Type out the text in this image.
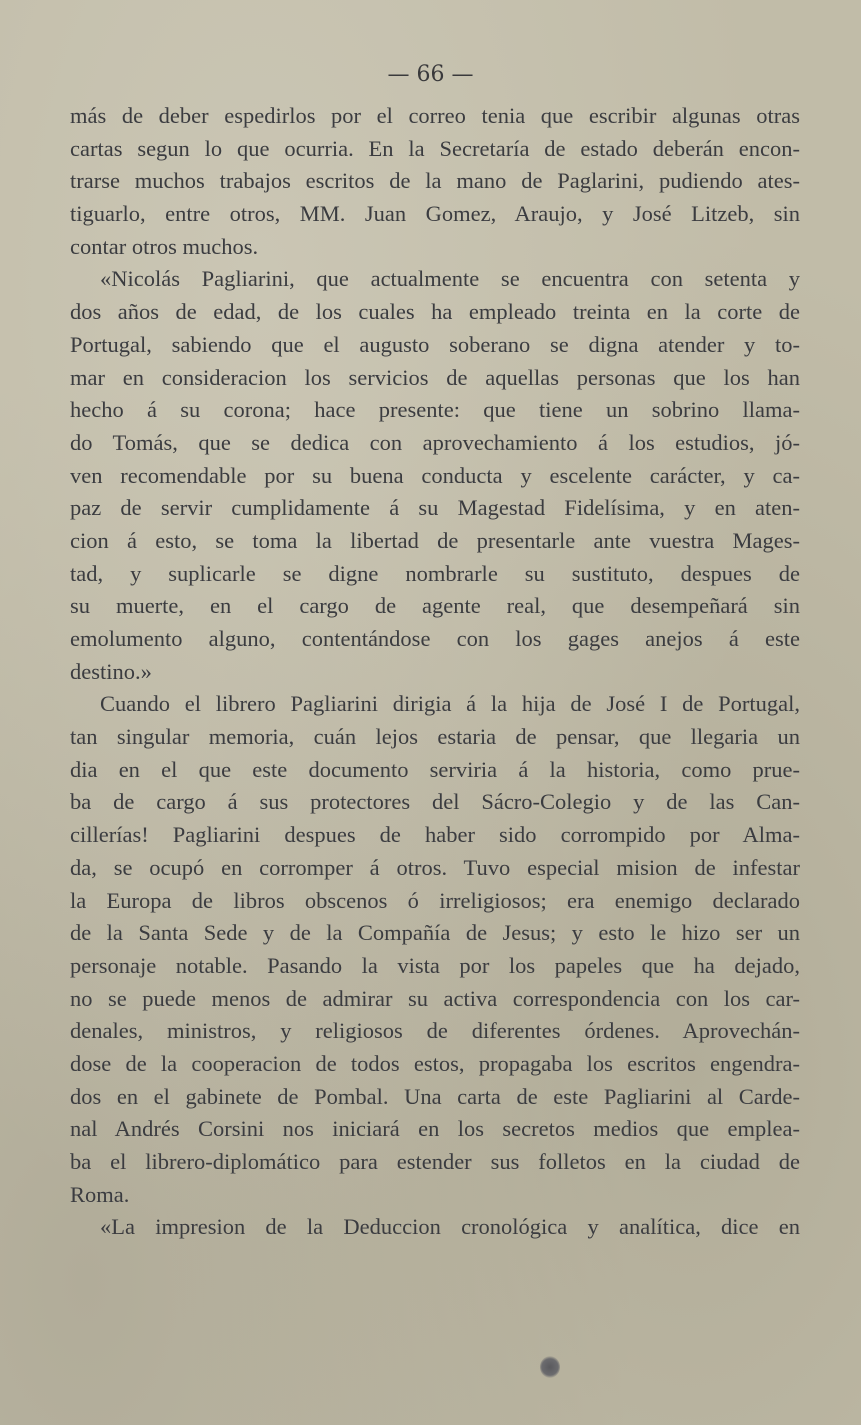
— 66 —
más de deber espedirlos por el correo tenia que escribir algunas otras
cartas segun lo que ocurria. En la Secretaría de estado deberán encon-
trarse muchos trabajos escritos de la mano de Paglarini, pudiendo ates-
tiguarlo, entre otros, MM. Juan Gomez, Araujo, y José Litzeb, sin
contar otros muchos.
«Nicolás Pagliarini, que actualmente se encuentra con setenta y
dos años de edad, de los cuales ha empleado treinta en la corte de
Portugal, sabiendo que el augusto soberano se digna atender y to-
mar en consideracion los servicios de aquellas personas que los han
hecho á su corona; hace presente: que tiene un sobrino llama-
do Tomás, que se dedica con aprovechamiento á los estudios, jó-
ven recomendable por su buena conducta y escelente carácter, y ca-
paz de servir cumplidamente á su Magestad Fidelísima, y en aten-
cion á esto, se toma la libertad de presentarle ante vuestra Mages-
tad, y suplicarle se digne nombrarle su sustituto, despues de
su muerte, en el cargo de agente real, que desempeñará sin
emolumento alguno, contentándose con los gages anejos á este
destino.»
Cuando el librero Pagliarini dirigia á la hija de José I de Portugal,
tan singular memoria, cuán lejos estaria de pensar, que llegaria un
dia en el que este documento serviria á la historia, como prue-
ba de cargo á sus protectores del Sácro-Colegio y de las Can-
cillerías! Pagliarini despues de haber sido corrompido por Alma-
da, se ocupó en corromper á otros. Tuvo especial mision de infestar
la Europa de libros obscenos ó irreligiosos; era enemigo declarado
de la Santa Sede y de la Compañía de Jesus; y esto le hizo ser un
personaje notable. Pasando la vista por los papeles que ha dejado,
no se puede menos de admirar su activa correspondencia con los car-
denales, ministros, y religiosos de diferentes órdenes. Aprovechán-
dose de la cooperacion de todos estos, propagaba los escritos engendra-
dos en el gabinete de Pombal. Una carta de este Pagliarini al Carde-
nal Andrés Corsini nos iniciará en los secretos medios que emplea-
ba el librero-diplomático para estender sus folletos en la ciudad de
Roma.
«La impresion de la Deduccion cronológica y analítica, dice en
